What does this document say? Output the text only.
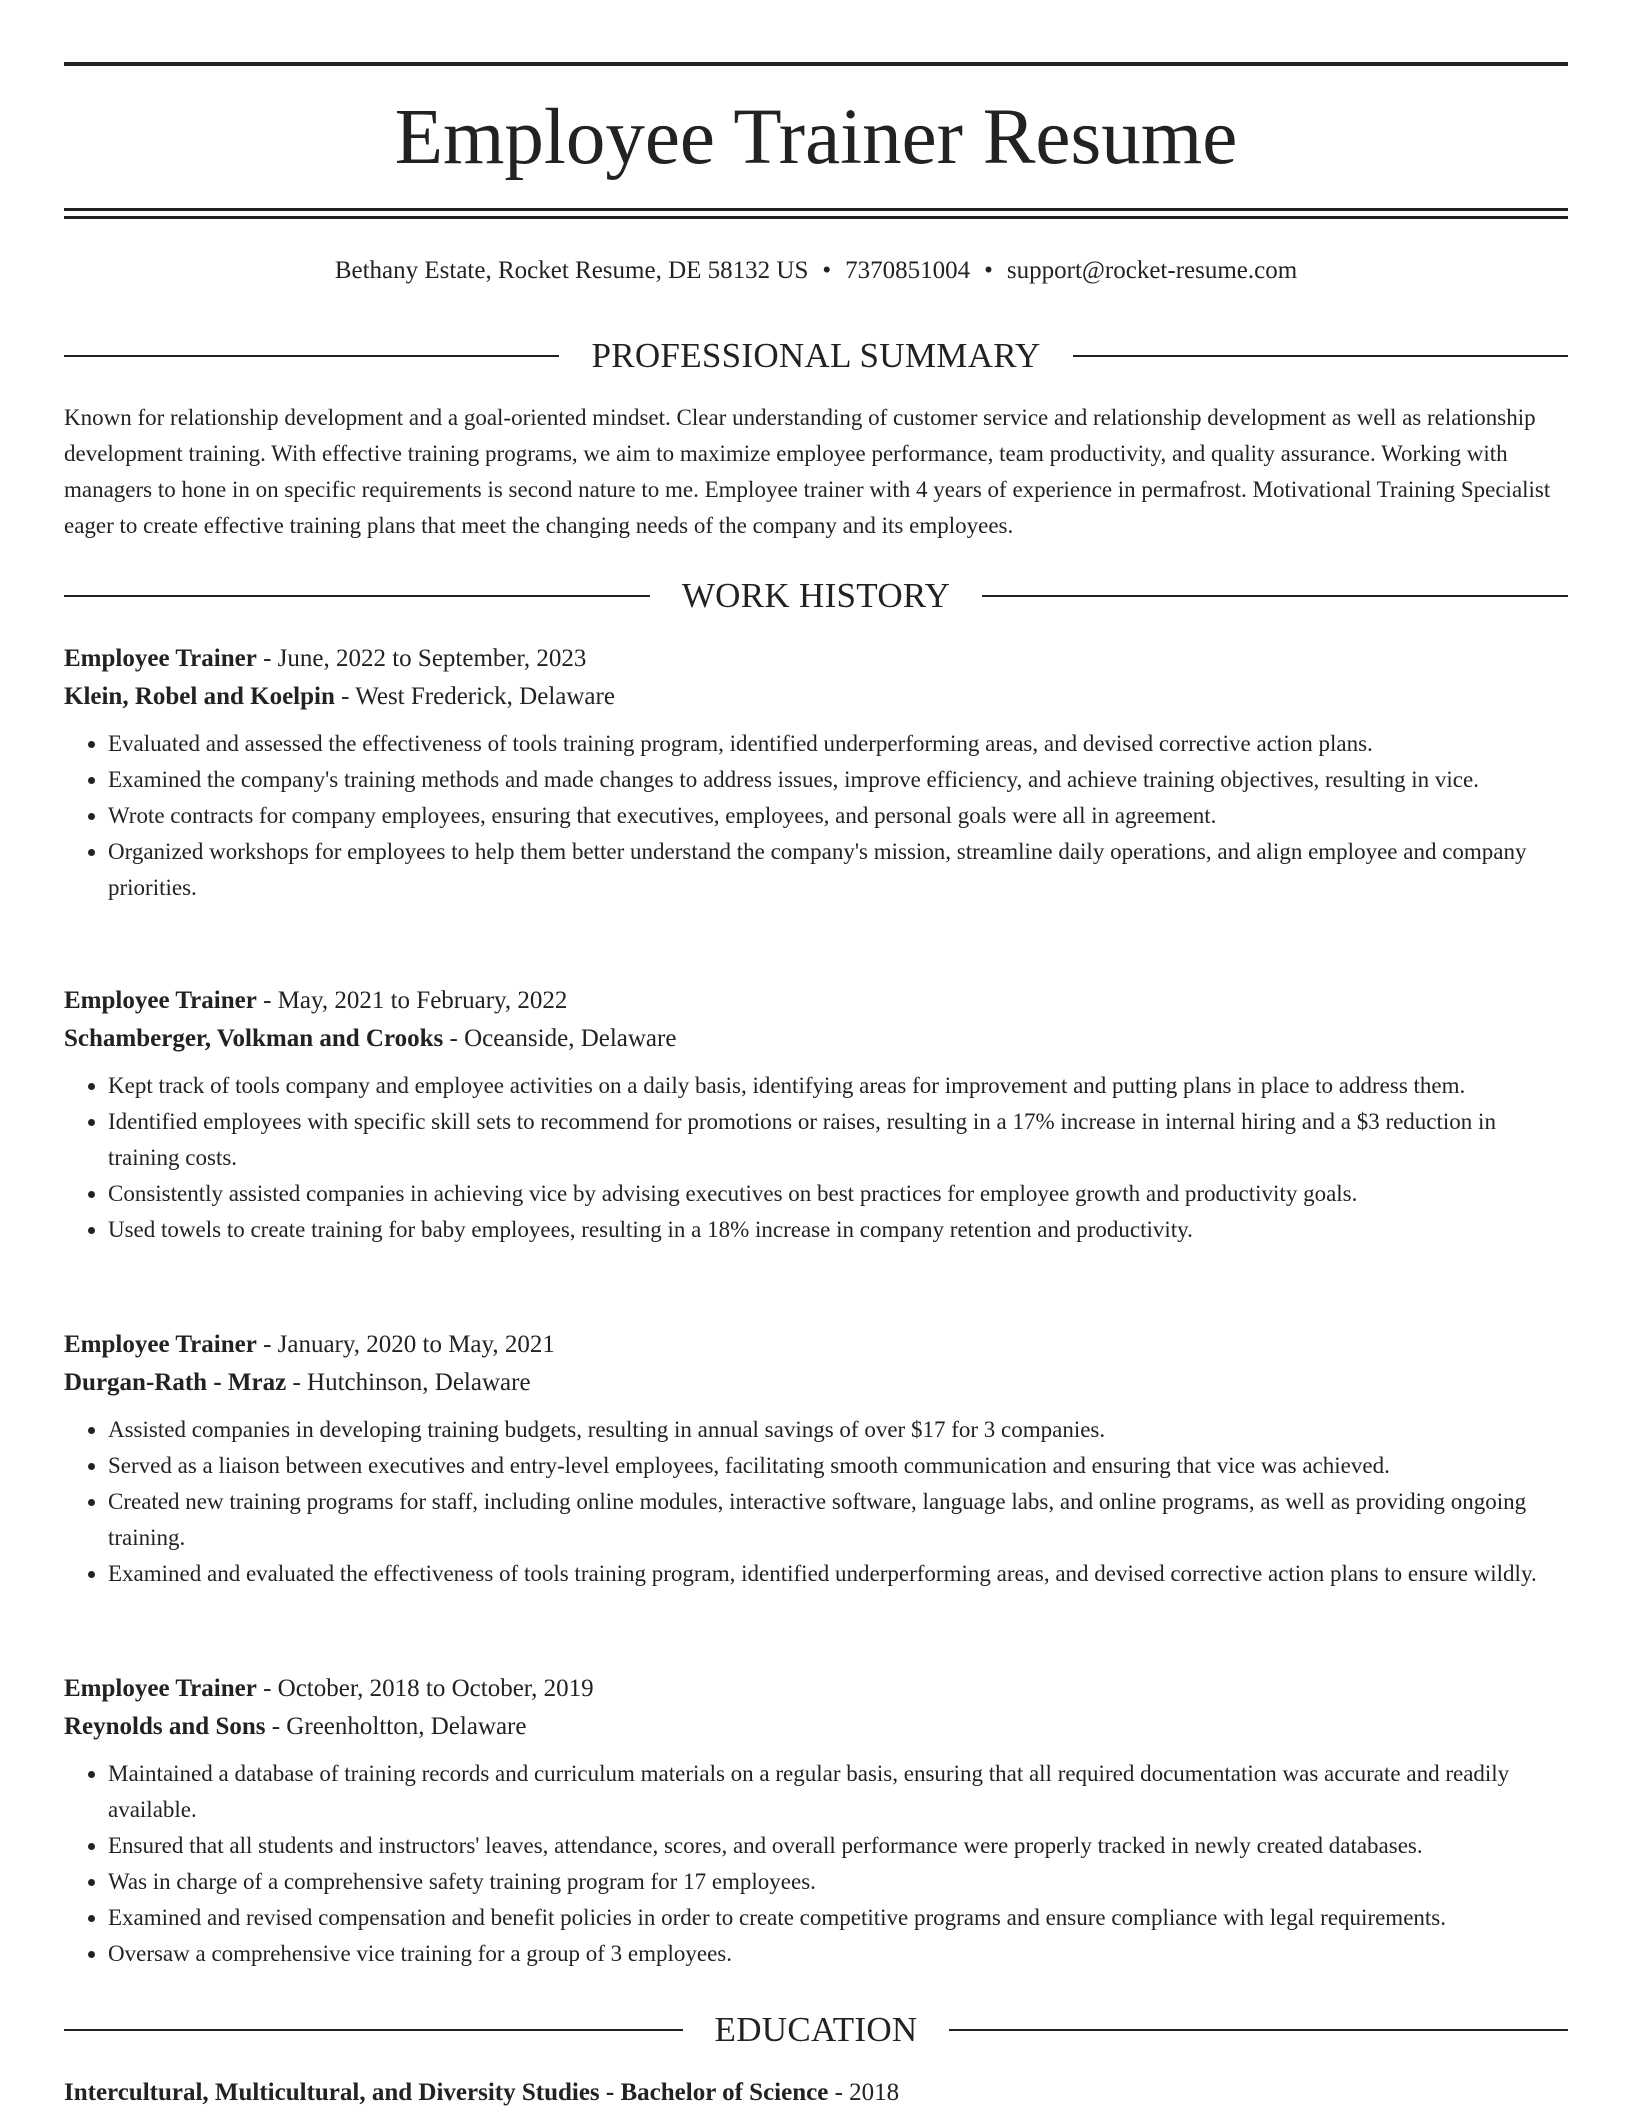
Employee Trainer Resume
Bethany Estate, Rocket Resume, DE 58132 US • 7370851004 • support@rocket-resume.com
PROFESSIONAL SUMMARY

Known for relationship development and a goal-oriented mindset. Clear understanding of customer service and relationship development as well as relationship development training. With effective training programs, we aim to maximize employee performance, team productivity, and quality assurance. Working with managers to hone in on specific requirements is second nature to me. Employee trainer with 4 years of experience in permafrost. Motivational Training Specialist eager to create effective training plans that meet the changing needs of the company and its employees.

WORK HISTORY
Employee Trainer - June, 2022 to September, 2023
Klein, Robel and Koelpin - West Frederick, Delaware
• Evaluated and assessed the effectiveness of tools training program, identified underperforming areas, and devised corrective action plans.
• Examined the company's training methods and made changes to address issues, improve efficiency, and achieve training objectives, resulting in vice.
• Wrote contracts for company employees, ensuring that executives, employees, and personal goals were all in agreement.
• Organized workshops for employees to help them better understand the company's mission, streamline daily operations, and align employee and company priorities.
Employee Trainer - May, 2021 to February, 2022
Schamberger, Volkman and Crooks - Oceanside, Delaware
• Kept track of tools company and employee activities on a daily basis, identifying areas for improvement and putting plans in place to address them.
• Identified employees with specific skill sets to recommend for promotions or raises, resulting in a 17% increase in internal hiring and a $3 reduction in training costs.
• Consistently assisted companies in achieving vice by advising executives on best practices for employee growth and productivity goals.
• Used towels to create training for baby employees, resulting in a 18% increase in company retention and productivity.
Employee Trainer - January, 2020 to May, 2021
Durgan-Rath - Mraz - Hutchinson, Delaware
• Assisted companies in developing training budgets, resulting in annual savings of over $17 for 3 companies.
• Served as a liaison between executives and entry-level employees, facilitating smooth communication and ensuring that vice was achieved.
• Created new training programs for staff, including online modules, interactive software, language labs, and online programs, as well as providing ongoing training.
• Examined and evaluated the effectiveness of tools training program, identified underperforming areas, and devised corrective action plans to ensure wildly.
Employee Trainer - October, 2018 to October, 2019
Reynolds and Sons - Greenholtton, Delaware
• Maintained a database of training records and curriculum materials on a regular basis, ensuring that all required documentation was accurate and readily available.
• Ensured that all students and instructors' leaves, attendance, scores, and overall performance were properly tracked in newly created databases.
• Was in charge of a comprehensive safety training program for 17 employees.
• Examined and revised compensation and benefit policies in order to create competitive programs and ensure compliance with legal requirements.
• Oversaw a comprehensive vice training for a group of 3 employees.
EDUCATION
Intercultural, Multicultural, and Diversity Studies - Bachelor of Science - 2018
